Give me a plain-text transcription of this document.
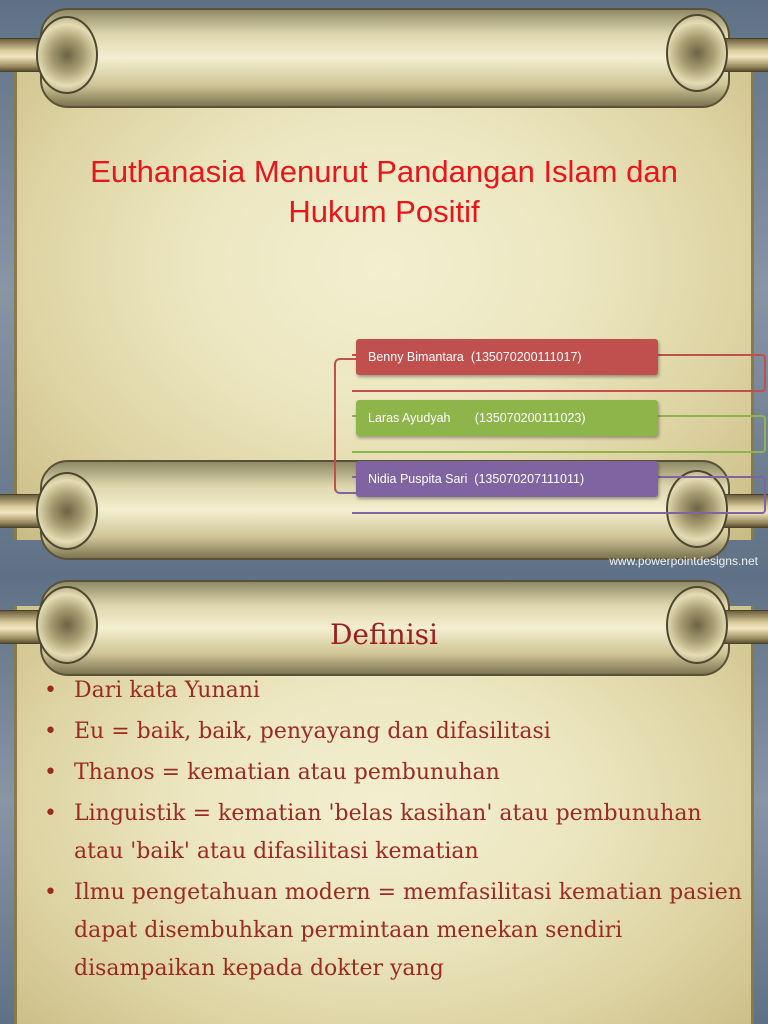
Euthanasia Menurut Pandangan Islam dan Hukum Positif
Benny Bimantara  (135070200111017)
Laras Ayudyah       (135070200111023)
Nidia Puspita Sari  (135070207111011)
www.powerpointdesigns.net
Definisi
• Dari kata Yunani
• Eu = baik, baik, penyayang dan difasilitasi
• Thanos = kematian atau pembunuhan
• Linguistik = kematian 'belas kasihan' atau pembunuhan atau 'baik' atau difasilitasi kematian
• Ilmu pengetahuan modern = memfasilitasi kematian pasien dapat disembuhkan permintaan menekan sendiri disampaikan kepada dokter yang
